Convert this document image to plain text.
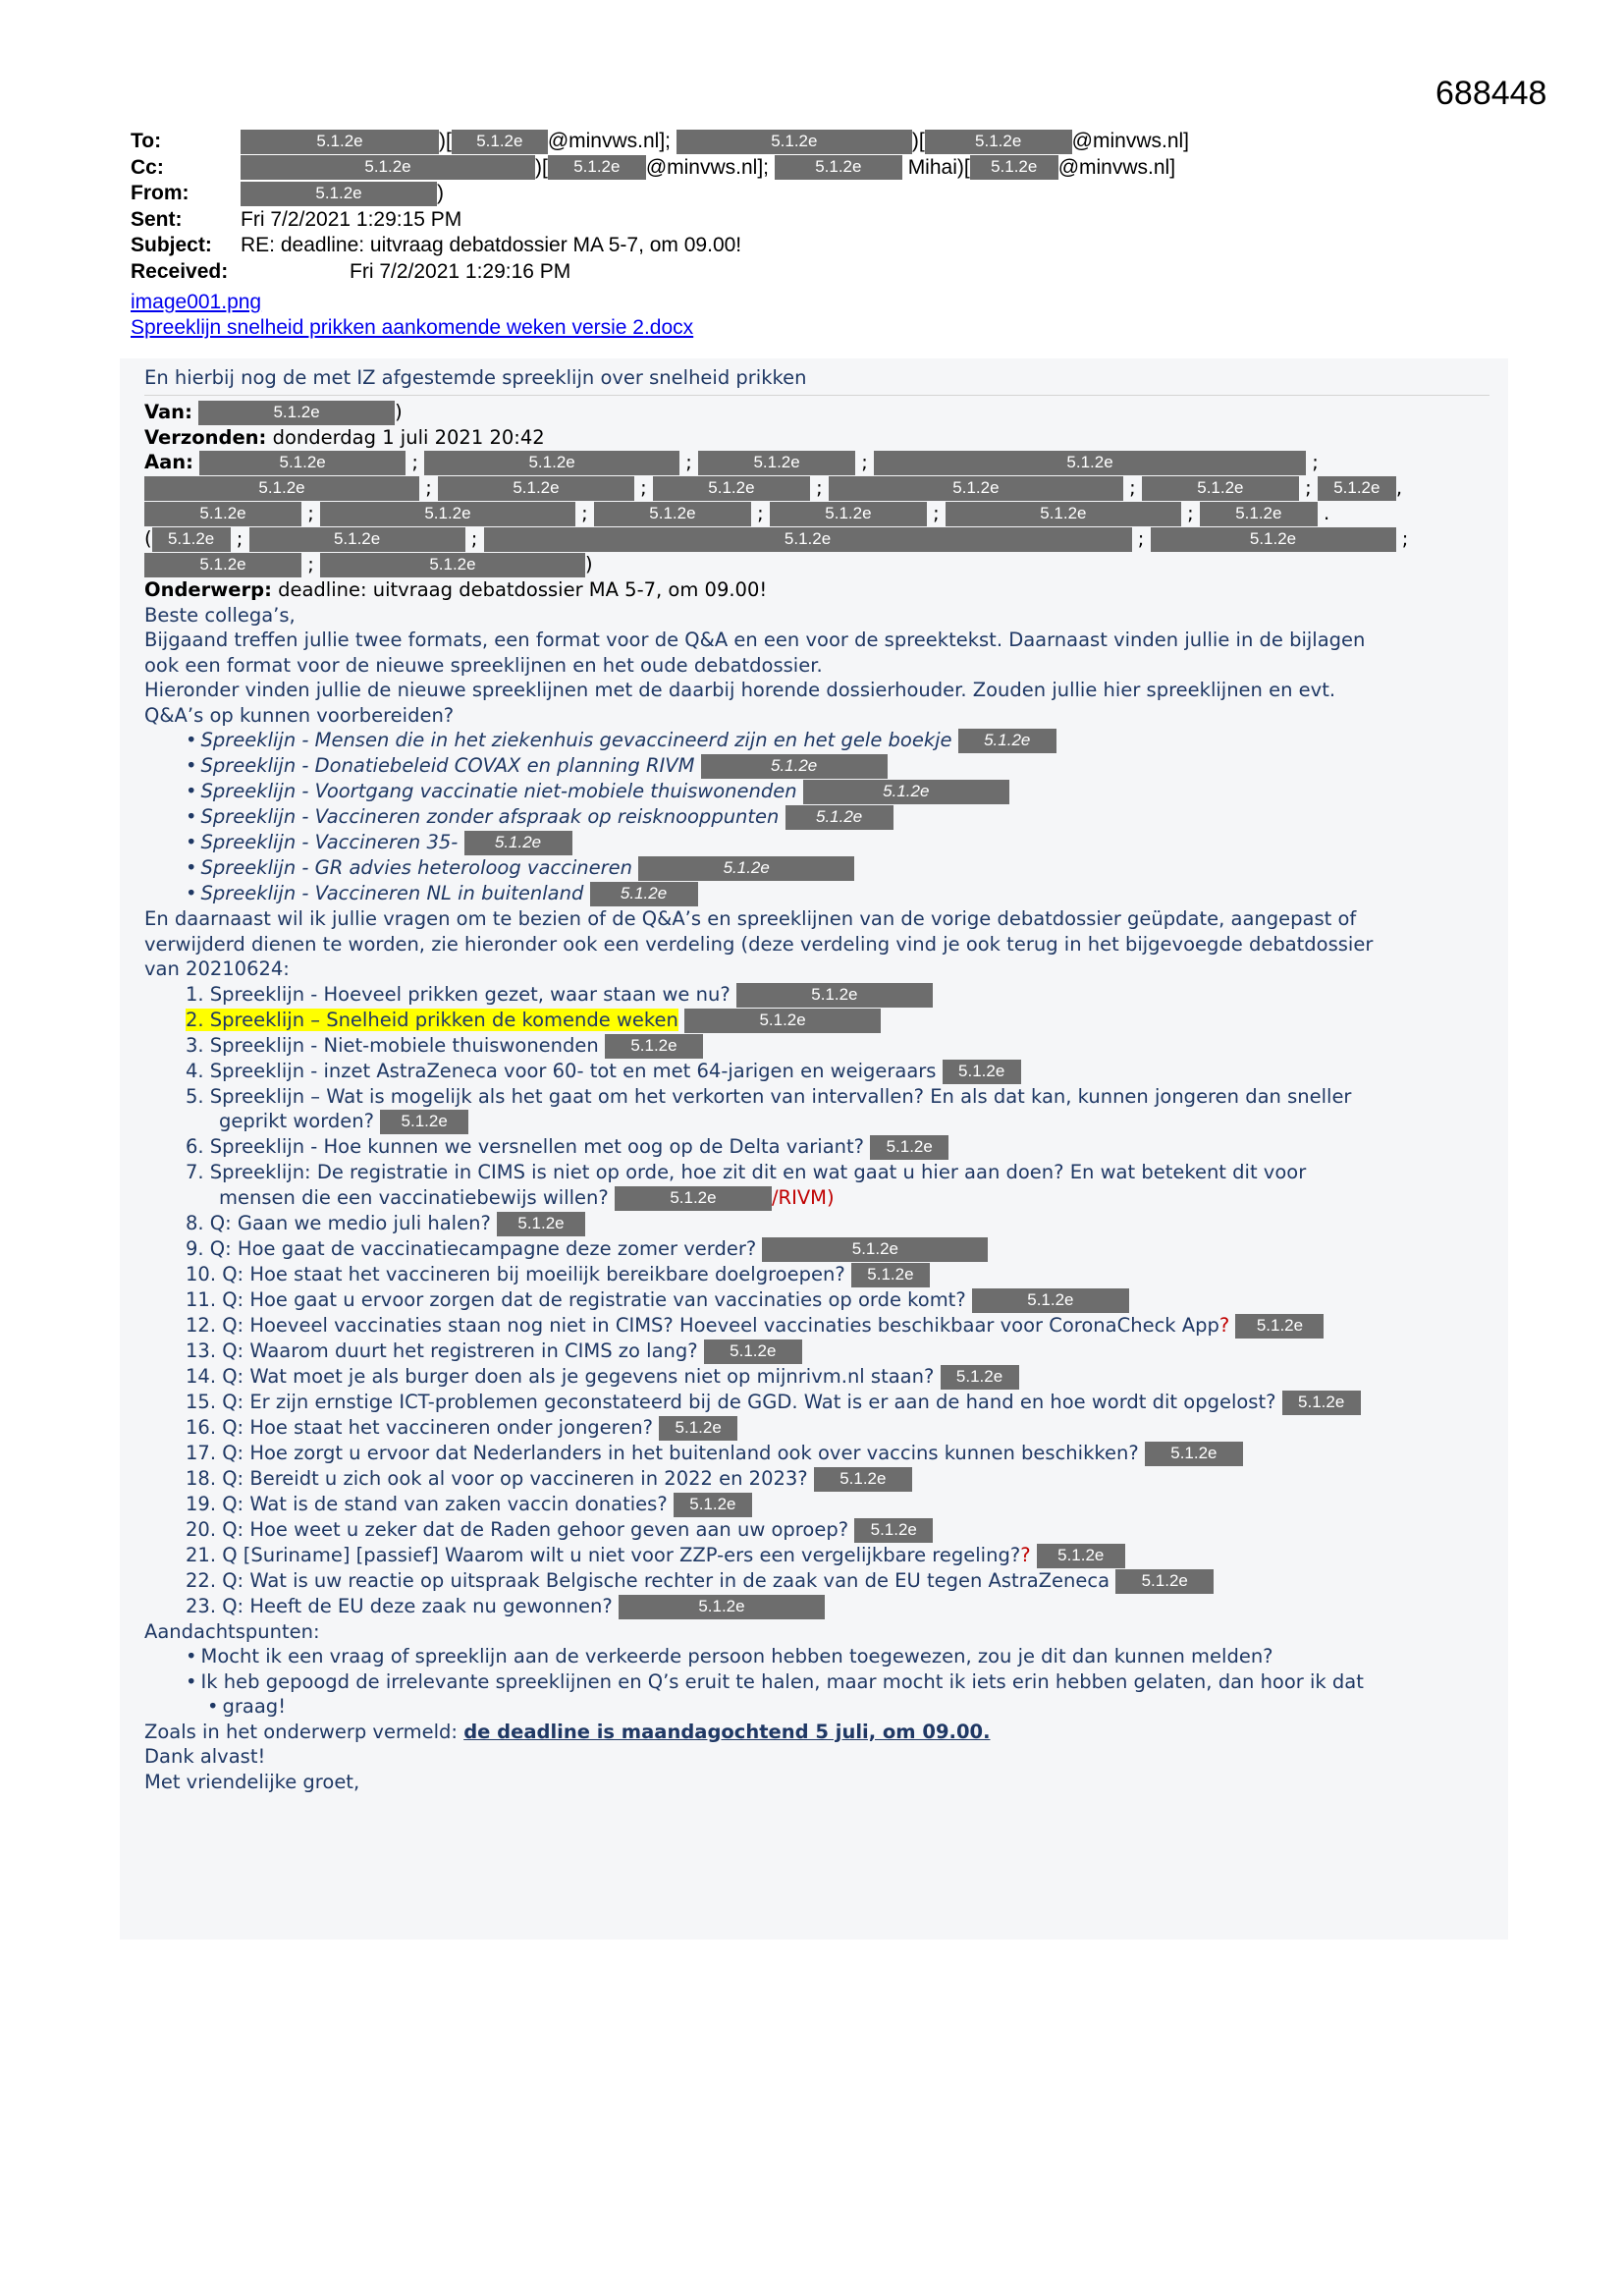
688448
To:	5.1.2e	)[ 5.1.2e @minvws.nl];	5.1.2e	)[	5.1.2e @minvws.nl]
Cc:	5.1.2e	)[ 5.1.2e @minvws.nl];	5.1.2e Mihai)[ 5.1.2e @minvws.nl]
From:	5.1.2e	)
Sent:	Fri 7/2/2021 1:29:15 PM
Subject: RE: deadline: uitvraag debatdossier MA 5-7, om 09.00!
Received:	Fri 7/2/2021 1:29:16 PM
image001.png
Spreeklijn snelheid prikken aankomende weken versie 2.docx
En hierbij nog de met IZ afgestemde spreeklijn over snelheid prikken
Van:	5.1.2e	)
Verzonden: donderdag 1 juli 2021 20:42
Aan:	5.1.2e	;	5.1.2e	;	5.1.2e	;	5.1.2e	;
5.1.2e	;	5.1.2e	;	5.1.2e	;	5.1.2e	;	5.1.2e	; 5.1.2e ,
5.1.2e	;	5.1.2e	;	5.1.2e	;	5.1.2e	;	5.1.2e	; 5.1.2e .
( 5.1.2e ;	5.1.2e	;	5.1.2e	;	5.1.2e	;
5.1.2e	;	5.1.2e	)
Onderwerp: deadline: uitvraag debatdossier MA 5-7, om 09.00!
Beste collega’s,
Bijgaand treffen jullie twee formats, een format voor de Q&A en een voor de spreektekst. Daarnaast vinden jullie in de bijlagen
ook een format voor de nieuwe spreeklijnen en het oude debatdossier.
Hieronder vinden jullie de nieuwe spreeklijnen met de daarbij horende dossierhouder. Zouden jullie hier spreeklijnen en evt.
Q&A’s op kunnen voorbereiden?
• Spreeklijn - Mensen die in het ziekenhuis gevaccineerd zijn en het gele boekje 5.1.2e
• Spreeklijn - Donatiebeleid COVAX en planning RIVM	5.1.2e
• Spreeklijn - Voortgang vaccinatie niet-mobiele thuiswonenden	5.1.2e
• Spreeklijn - Vaccineren zonder afspraak op reisknooppunten 5.1.2e
• Spreeklijn - Vaccineren 35- 5.1.2e
• Spreeklijn - GR advies heteroloog vaccineren	5.1.2e
• Spreeklijn - Vaccineren NL in buitenland 5.1.2e
En daarnaast wil ik jullie vragen om te bezien of de Q&A’s en spreeklijnen van de vorige debatdossier geüpdate, aangepast of
verwijderd dienen te worden, zie hieronder ook een verdeling (deze verdeling vind je ook terug in het bijgevoegde debatdossier
van 20210624:
1. Spreeklijn - Hoeveel prikken gezet, waar staan we nu?	5.1.2e
2. Spreeklijn – Snelheid prikken de komende weken	5.1.2e
3. Spreeklijn - Niet-mobiele thuiswonenden 5.1.2e
4. Spreeklijn - inzet AstraZeneca voor 60- tot en met 64-jarigen en weigeraars 5.1.2e
5. Spreeklijn – Wat is mogelijk als het gaat om het verkorten van intervallen? En als dat kan, kunnen jongeren dan sneller
geprikt worden? 5.1.2e
6. Spreeklijn - Hoe kunnen we versnellen met oog op de Delta variant? 5.1.2e
7. Spreeklijn: De registratie in CIMS is niet op orde, hoe zit dit en wat gaat u hier aan doen? En wat betekent dit voor
mensen die een vaccinatiebewijs willen?	5.1.2e	/RIVM)
8. Q: Gaan we medio juli halen? 5.1.2e
9. Q: Hoe gaat de vaccinatiecampagne deze zomer verder?	5.1.2e
10. Q: Hoe staat het vaccineren bij moeilijk bereikbare doelgroepen? 5.1.2e
11. Q: Hoe gaat u ervoor zorgen dat de registratie van vaccinaties op orde komt?	5.1.2e
12. Q: Hoeveel vaccinaties staan nog niet in CIMS? Hoeveel vaccinaties beschikbaar voor CoronaCheck App? 5.1.2e
13. Q: Waarom duurt het registreren in CIMS zo lang? 5.1.2e
14. Q: Wat moet je als burger doen als je gegevens niet op mijnrivm.nl staan? 5.1.2e
15. Q: Er zijn ernstige ICT-problemen geconstateerd bij de GGD. Wat is er aan de hand en hoe wordt dit opgelost? 5.1.2e
16. Q: Hoe staat het vaccineren onder jongeren? 5.1.2e
17. Q: Hoe zorgt u ervoor dat Nederlanders in het buitenland ook over vaccins kunnen beschikken? 5.1.2e
18. Q: Bereidt u zich ook al voor op vaccineren in 2022 en 2023? 5.1.2e
19. Q: Wat is de stand van zaken vaccin donaties? 5.1.2e
20. Q: Hoe weet u zeker dat de Raden gehoor geven aan uw oproep? 5.1.2e
21. Q [Suriname] [passief] Waarom wilt u niet voor ZZP-ers een vergelijkbare regeling?? 5.1.2e
22. Q: Wat is uw reactie op uitspraak Belgische rechter in de zaak van de EU tegen AstraZeneca 5.1.2e
23. Q: Heeft de EU deze zaak nu gewonnen?	5.1.2e
Aandachtspunten:
• Mocht ik een vraag of spreeklijn aan de verkeerde persoon hebben toegewezen, zou je dit dan kunnen melden?
• Ik heb gepoogd de irrelevante spreeklijnen en Q’s eruit te halen, maar mocht ik iets erin hebben gelaten, dan hoor ik dat
• graag!
Zoals in het onderwerp vermeld: de deadline is maandagochtend 5 juli, om 09.00.
Dank alvast!
Met vriendelijke groet,
